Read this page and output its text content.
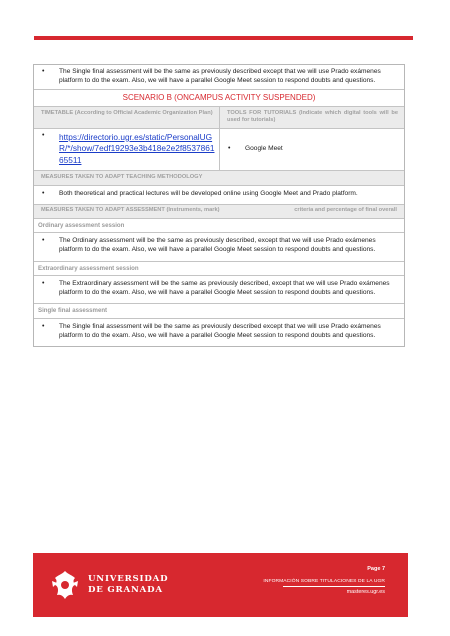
• The Single final assessment will be the same as previously described except that we will use Prado exámenes platform to do the exam. Also, we will have a parallel Google Meet session to respond doubts and questions.
SCENARIO B (ONCAMPUS ACTIVITY SUSPENDED)
TIMETABLE (According to Official Academic Organization Plan)	TOOLS FOR TUTORIALS (Indicate which digital tools will be used for tutorials)
• https://directorio.ugr.es/static/PersonalUGR/*/show/7edf19293e3b418e2e2f853786165511
• Google Meet
MEASURES TAKEN TO ADAPT TEACHING METHODOLOGY
• Both theoretical and practical lectures will be developed online using Google Meet and Prado platform.
MEASURES TAKEN TO ADAPT ASSESSMENT (Instruments, mark)	criteria and percentage of final overall
Ordinary assessment session
• The Ordinary assessment will be the same as previously described, except that we will use Prado exámenes platform to do the exam. Also, we will have a parallel Google Meet session to respond doubts and questions.
Extraordinary assessment session
• The Extraordinary assessment will be the same as previously described, except that we will use Prado exámenes platform to do the exam. Also, we will have a parallel Google Meet session to respond doubts and questions.
Single final assessment
• The Single final assessment will be the same as previously described except that we will use Prado exámenes platform to do the exam. Also, we will have a parallel Google Meet session to respond doubts and questions.
UNIVERSIDAD
DE GRANADA
Page 7
INFORMACIÓN SOBRE TITULACIONES DE LA UGR
masteres.ugr.es
